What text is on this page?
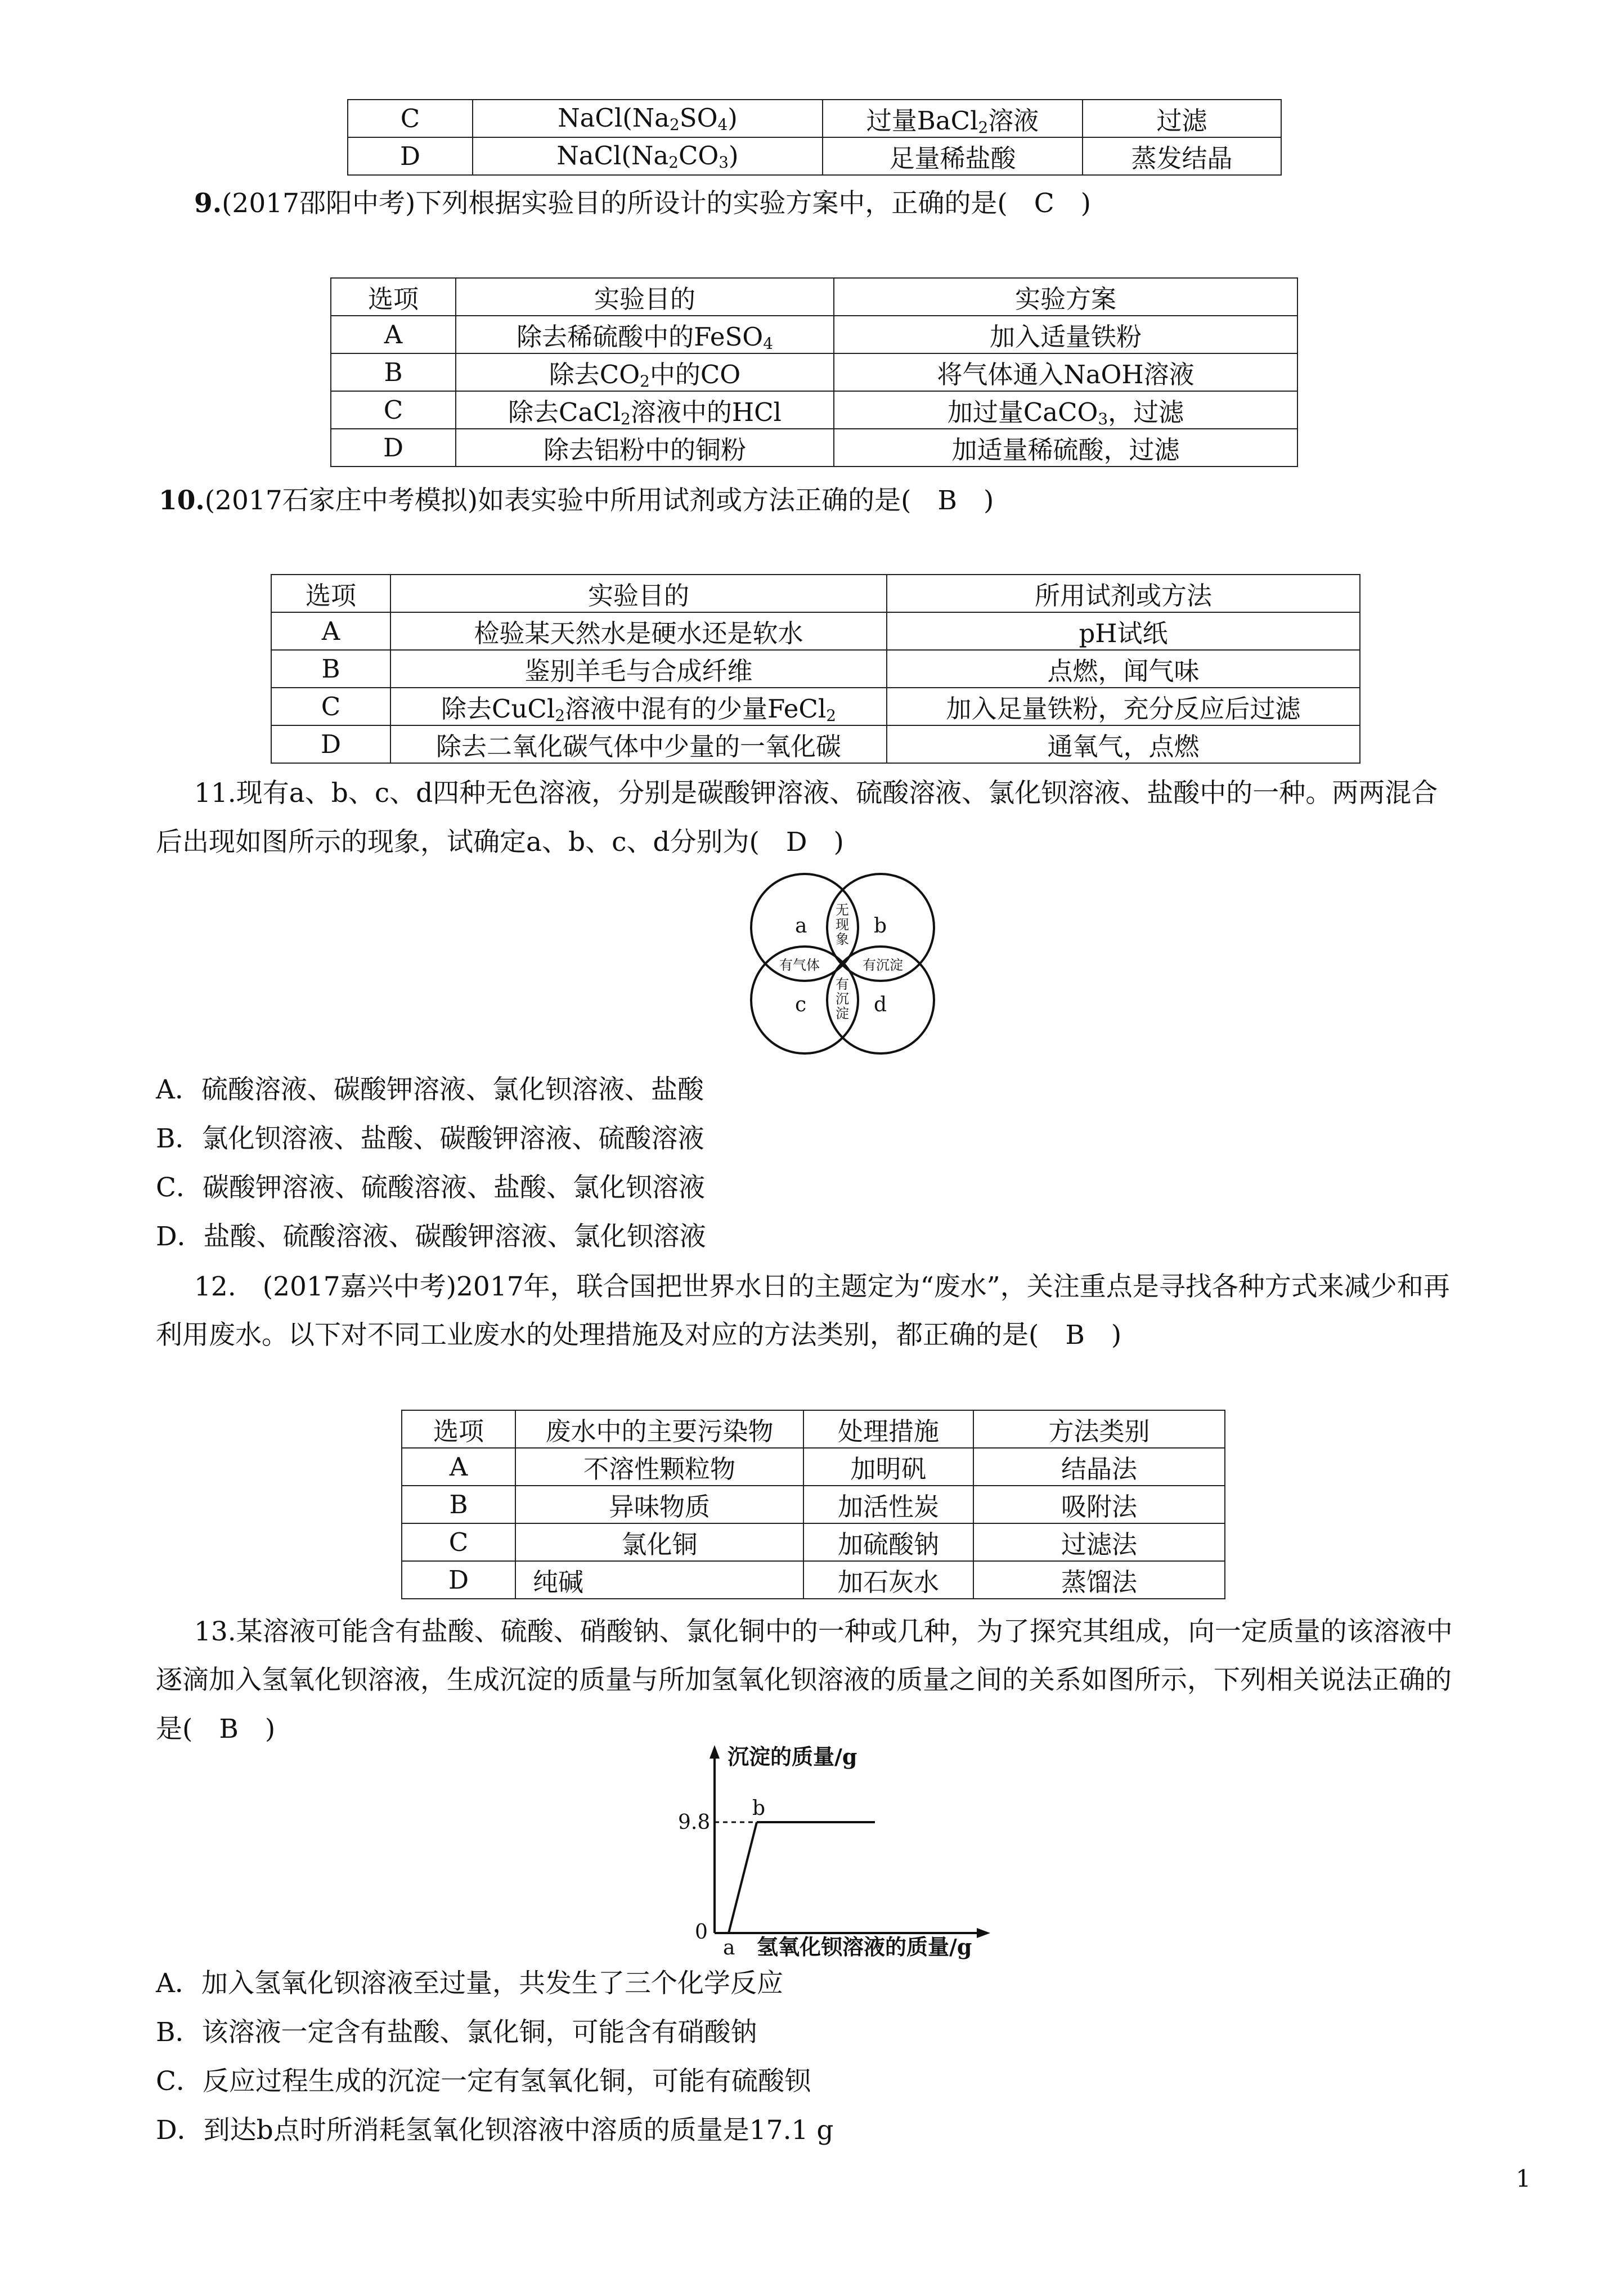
C	$NaCl(Na_2SO_4)$	过量BaCl$_2$溶液	过滤
D	$NaCl(Na_2CO_3)$	足量稀盐酸	蒸发结晶
9.(2017邵阳中考)下列根据实验目的所设计的实验方案中，正确的是(　C　)
选项	实验目的	实验方案
A	除去稀硫酸中的FeSO$_4$	加入适量铁粉
B	除去$CO_2$中的CO	将气体通入NaOH溶液
C	除去CaCl$_2$溶液中的HCl	加过量CaCO$_3$，过滤
D	除去铝粉中的铜粉	加适量稀硫酸，过滤
10.(2017石家庄中考模拟)如表实验中所用试剂或方法正确的是(　B　)
选项	实验目的	所用试剂或方法
A	检验某天然水是硬水还是软水	pH试纸
B	鉴别羊毛与合成纤维	点燃，闻气味
C	除去CuCl$_2$溶液中混有的少量FeCl$_2$	加入足量铁粉，充分反应后过滤
D	除去二氧化碳气体中少量的一氧化碳	通氧气，点燃
11.现有a、b、c、d四种无色溶液，分别是碳酸钾溶液、硫酸溶液、氯化钡溶液、盐酸中的一种。两两混合
后出现如图所示的现象，试确定a、b、c、d分别为(　D　)
a	b
c	d
无
现
象
有气体	有沉淀
有
沉
淀
A．硫酸溶液、碳酸钾溶液、氯化钡溶液、盐酸
B．氯化钡溶液、盐酸、碳酸钾溶液、硫酸溶液
C．碳酸钾溶液、硫酸溶液、盐酸、氯化钡溶液
D．盐酸、硫酸溶液、碳酸钾溶液、氯化钡溶液
12.　(2017嘉兴中考)2017年，联合国把世界水日的主题定为“废水”，关注重点是寻找各种方式来减少和再
利用废水。以下对不同工业废水的处理措施及对应的方法类别，都正确的是(　B　)
选项	废水中的主要污染物	处理措施	方法类别
A	不溶性颗粒物	加明矾	结晶法
B	异味物质	加活性炭	吸附法
C	氯化铜	加硫酸钠	过滤法
D	纯碱	加石灰水	蒸馏法
13.某溶液可能含有盐酸、硫酸、硝酸钠、氯化铜中的一种或几种，为了探究其组成，向一定质量的该溶液中
逐滴加入氢氧化钡溶液，生成沉淀的质量与所加氢氧化钡溶液的质量之间的关系如图所示，下列相关说法正确的
是(　B　)
沉淀的质量/g
9.8
0
a
b
氢氧化钡溶液的质量/g
A．加入氢氧化钡溶液至过量，共发生了三个化学反应
B．该溶液一定含有盐酸、氯化铜，可能含有硝酸钠
C．反应过程生成的沉淀一定有氢氧化铜，可能有硫酸钡
D．到达b点时所消耗氢氧化钡溶液中溶质的质量是17.1 g
1
